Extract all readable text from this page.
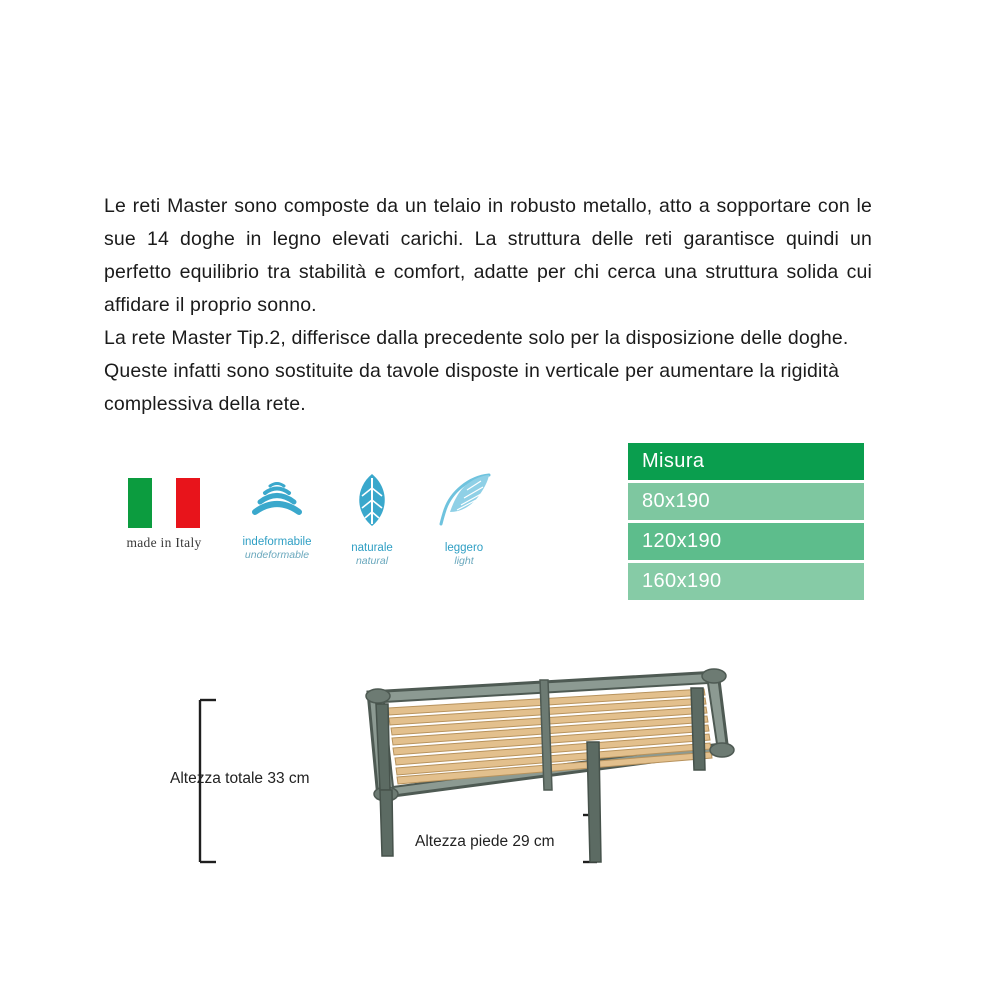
Le reti Master sono composte da un telaio in robusto metallo, atto a sopportare con le sue 14 doghe in legno elevati carichi. La struttura delle reti garantisce quindi un perfetto equilibrio tra stabilità e comfort, adatte per chi cerca una struttura solida cui affidare il proprio sonno.

La rete Master Tip.2, differisce dalla precedente solo per la disposizione delle doghe. Queste infatti sono sostituite da tavole disposte in verticale per aumentare la rigidità complessiva della rete.

made in Italy	indeformabile
undeformable
naturale
natural
leggero
light
Misura
80x190
120x190
160x190
Altezza totale 33 cm
Altezza piede 29 cm
